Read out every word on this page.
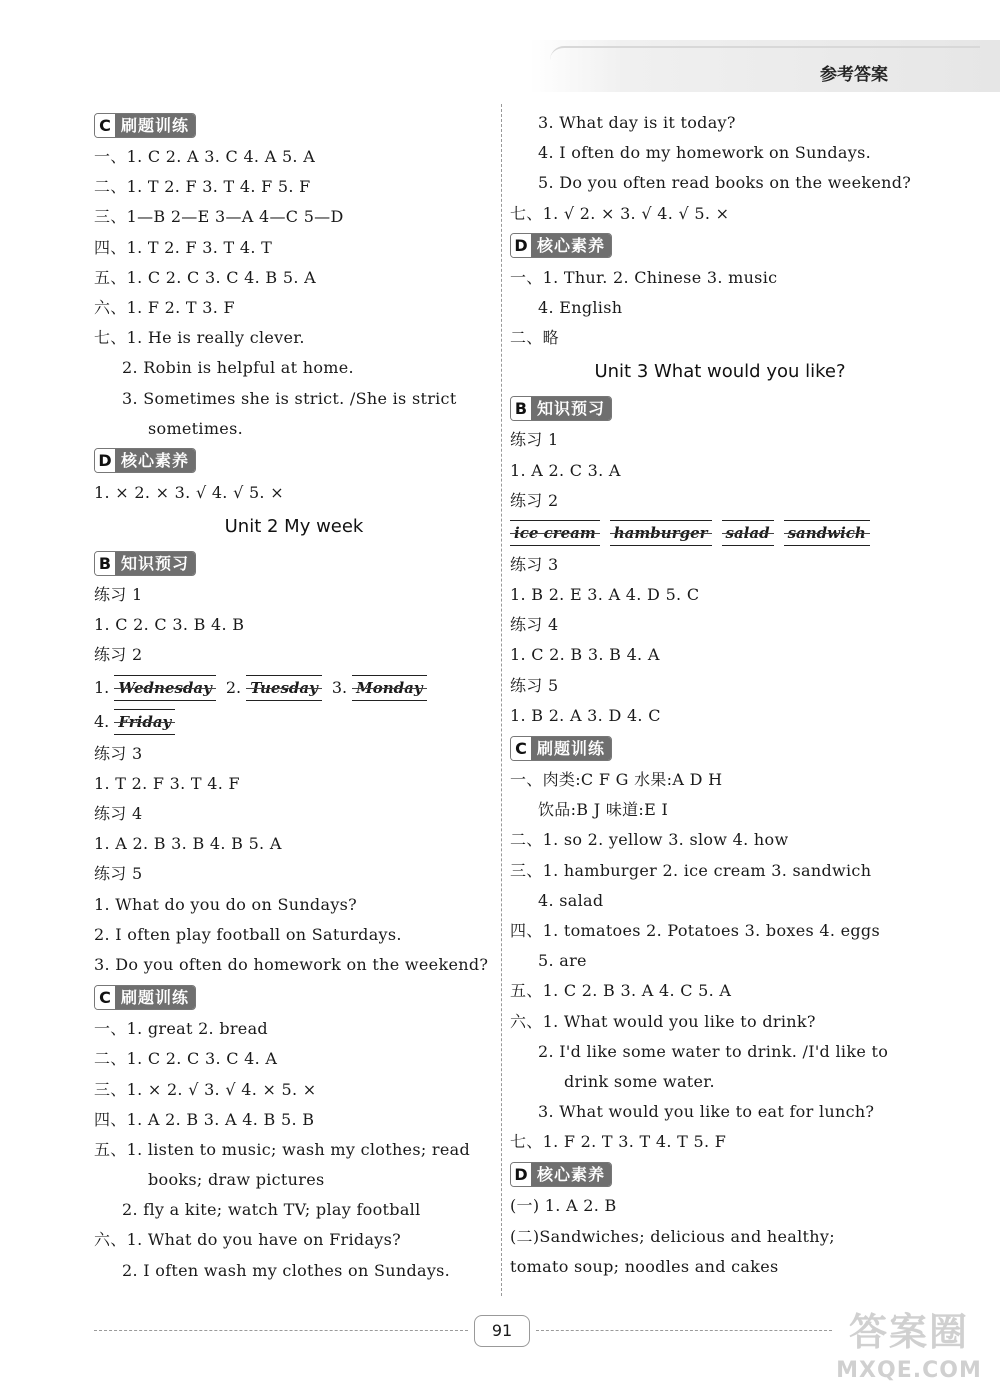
参考答案
C 刷题训练
一、1. C 2. A 3. C 4. A 5. A
二、1. T 2. F 3. T 4. F 5. F
三、1—B 2—E 3—A 4—C 5—D
四、1. T 2. F 3. T 4. T
五、1. C 2. C 3. C 4. B 5. A
六、1. F 2. T 3. F
七、1. He is really clever.
2. Robin is helpful at home.
3. Sometimes she is strict. /She is strict
sometimes.
D 核心素养
1. × 2. × 3. √ 4. √ 5. ×
Unit 2 My week
B 知识预习
练习 1
1. C 2. C 3. B 4. B
练习 2
1.
Wednesday 2.
Tuesday 3.
Monday
4.
Friday
练习 3
1. T 2. F 3. T 4. F
练习 4
1. A 2. B 3. B 4. B 5. A
练习 5
1. What do you do on Sundays?
2. I often play football on Saturdays.
3. Do you often do homework on the weekend?
C 刷题训练
一、1. great 2. bread
二、1. C 2. C 3. C 4. A
三、1. × 2. √ 3. √ 4. × 5. ×
四、1. A 2. B 3. A 4. B 5. B
五、1. listen to music; wash my clothes; read
books; draw pictures
2. fly a kite; watch TV; play football
六、1. What do you have on Fridays?
2. I often wash my clothes on Sundays.
3. What day is it today?
4. I often do my homework on Sundays.
5. Do you often read books on the weekend?
七、1. √ 2. × 3. √ 4. √ 5. ×
D 核心素养
一、1. Thur. 2. Chinese 3. music
4. English
二、略
Unit 3 What would you like?
B 知识预习
练习 1
1. A 2. C 3. A
练习 2
ice cream hamburger salad sandwich
练习 3
1. B 2. E 3. A 4. D 5. C
练习 4
1. C 2. B 3. B 4. A
练习 5
1. B 2. A 3. D 4. C
C 刷题训练
一、肉类:C F G 水果:A D H
饮品:B J 味道:E I
二、1. so 2. yellow 3. slow 4. how
三、1. hamburger 2. ice cream 3. sandwich
4. salad
四、1. tomatoes 2. Potatoes 3. boxes 4. eggs
5. are
五、1. C 2. B 3. A 4. C 5. A
六、1. What would you like to drink?
2. I'd like some water to drink. /I'd like to
drink some water.
3. What would you like to eat for lunch?
七、1. F 2. T 3. T 4. T 5. F
D 核心素养
(一) 1. A 2. B
(二)Sandwiches; delicious and healthy;
tomato soup; noodles and cakes
91	答案圈
MXQE.COM
